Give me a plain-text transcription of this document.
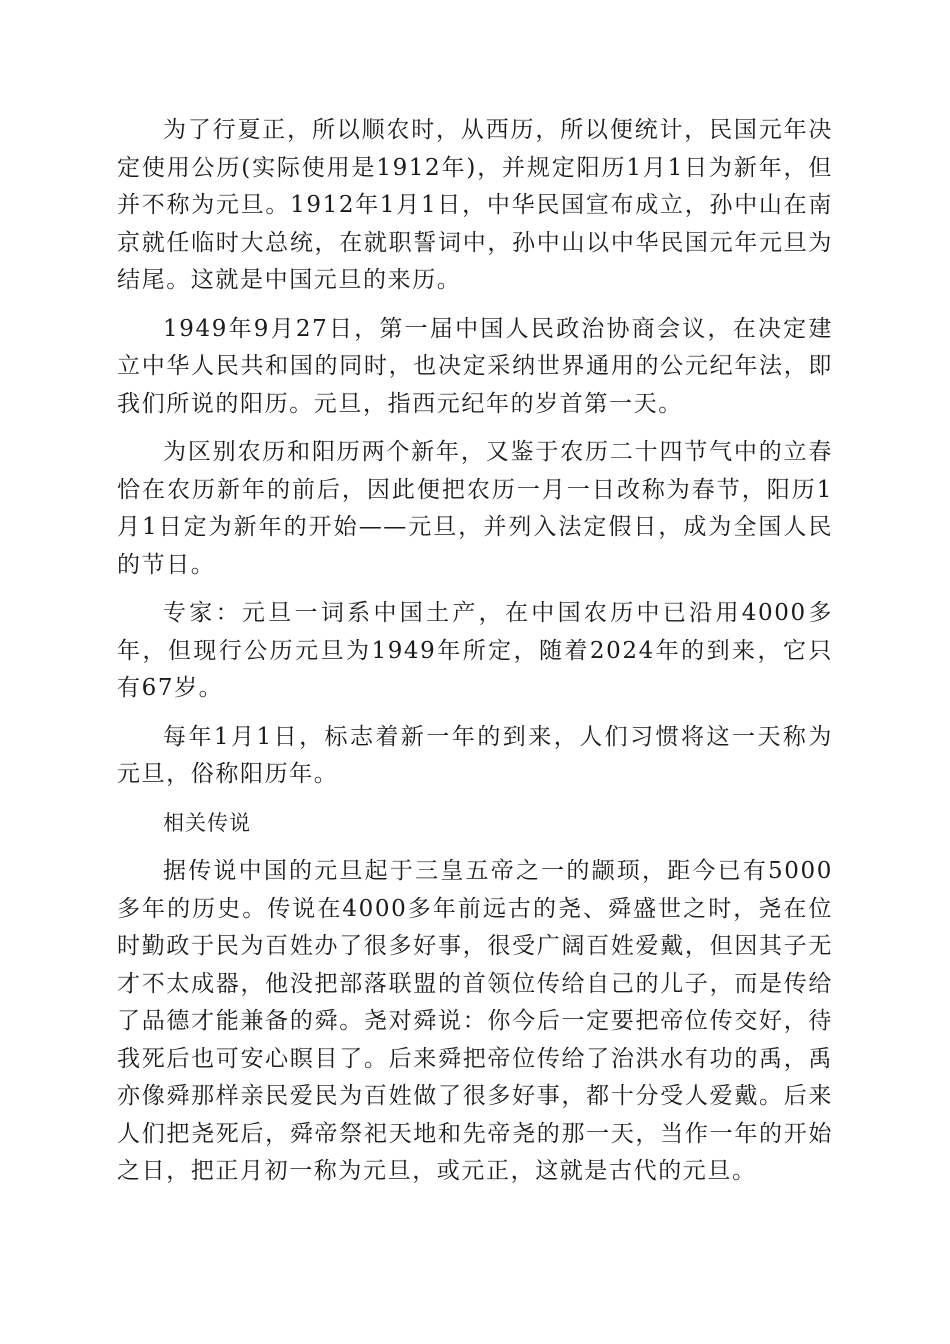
为了行夏正，所以顺农时，从西历，所以便统计，民国元年决定使用公历(实际使用是1912年)，并规定阳历1月1日为新年，但并不称为元旦。1912年1月1日，中华民国宣布成立，孙中山在南京就任临时大总统，在就职誓词中，孙中山以中华民国元年元旦为结尾。这就是中国元旦的来历。

1949年9月27日，第一届中国人民政治协商会议，在决定建立中华人民共和国的同时，也决定采纳世界通用的公元纪年法，即我们所说的阳历。元旦，指西元纪年的岁首第一天。

为区别农历和阳历两个新年，又鉴于农历二十四节气中的立春恰在农历新年的前后，因此便把农历一月一日改称为春节，阳历1月1日定为新年的开始——元旦，并列入法定假日，成为全国人民的节日。

专家：元旦一词系中国土产，在中国农历中已沿用4000多年，但现行公历元旦为1949年所定，随着2024年的到来，它只有67岁。

每年1月1日，标志着新一年的到来，人们习惯将这一天称为元旦，俗称阳历年。

相关传说

据传说中国的元旦起于三皇五帝之一的颛顼，距今已有5000多年的历史。传说在4000多年前远古的尧、舜盛世之时，尧在位时勤政于民为百姓办了很多好事，很受广阔百姓爱戴，但因其子无才不太成器，他没把部落联盟的首领位传给自己的儿子，而是传给了品德才能兼备的舜。尧对舜说：你今后一定要把帝位传交好，待我死后也可安心瞑目了。后来舜把帝位传给了治洪水有功的禹，禹亦像舜那样亲民爱民为百姓做了很多好事，都十分受人爱戴。后来人们把尧死后，舜帝祭祀天地和先帝尧的那一天，当作一年的开始之日，把正月初一称为元旦，或元正，这就是古代的元旦。
